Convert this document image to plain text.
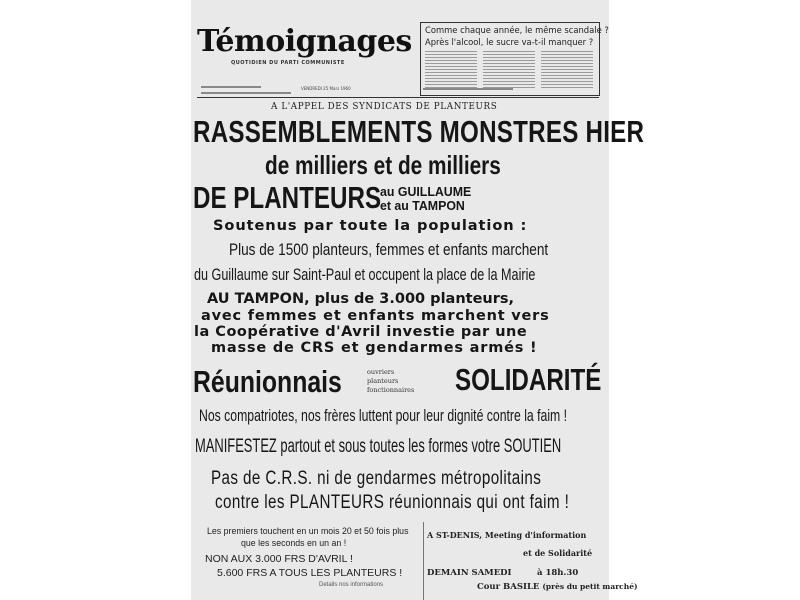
Témoignages
QUOTIDIEN DU PARTI COMMUNISTE
VENDREDI 25 Mars 1960
Comme chaque année, le même scandale ?
Après l'alcool, le sucre va-t-il manquer ?
A L'APPEL DES SYNDICATS DE PLANTEURS
RASSEMBLEMENTS MONSTRES HIER
de milliers et de milliers
DE PLANTEURS
au GUILLAUME
et au TAMPON
Soutenus par toute la population :
Plus de 1500 planteurs, femmes et enfants marchent
du Guillaume sur Saint-Paul et occupent la place de la Mairie
AU TAMPON, plus de 3.000 planteurs,
avec femmes et enfants marchent vers
la Coopérative d'Avril investie par une
masse de CRS et gendarmes armés !
Réunionnais	ouvriers
planteurs
fonctionnaires SOLIDARITÉ
Nos compatriotes, nos frères luttent pour leur dignité contre la faim !
MANIFESTEZ partout et sous toutes les formes votre SOUTIEN
Pas de C.R.S. ni de gendarmes métropolitains
contre les PLANTEURS réunionnais qui ont faim !
Les premiers touchent en un mois 20 et 50 fois plus
que les seconds en un an !
NON AUX 3.000 FRS D'AVRIL !
5.600 FRS A TOUS LES PLANTEURS !
Details nos informations
A ST-DENIS, Meeting d'information
et de Solidarité
DEMAIN SAMEDI	à 18h.30
Cour BASILE (près du petit marché)
